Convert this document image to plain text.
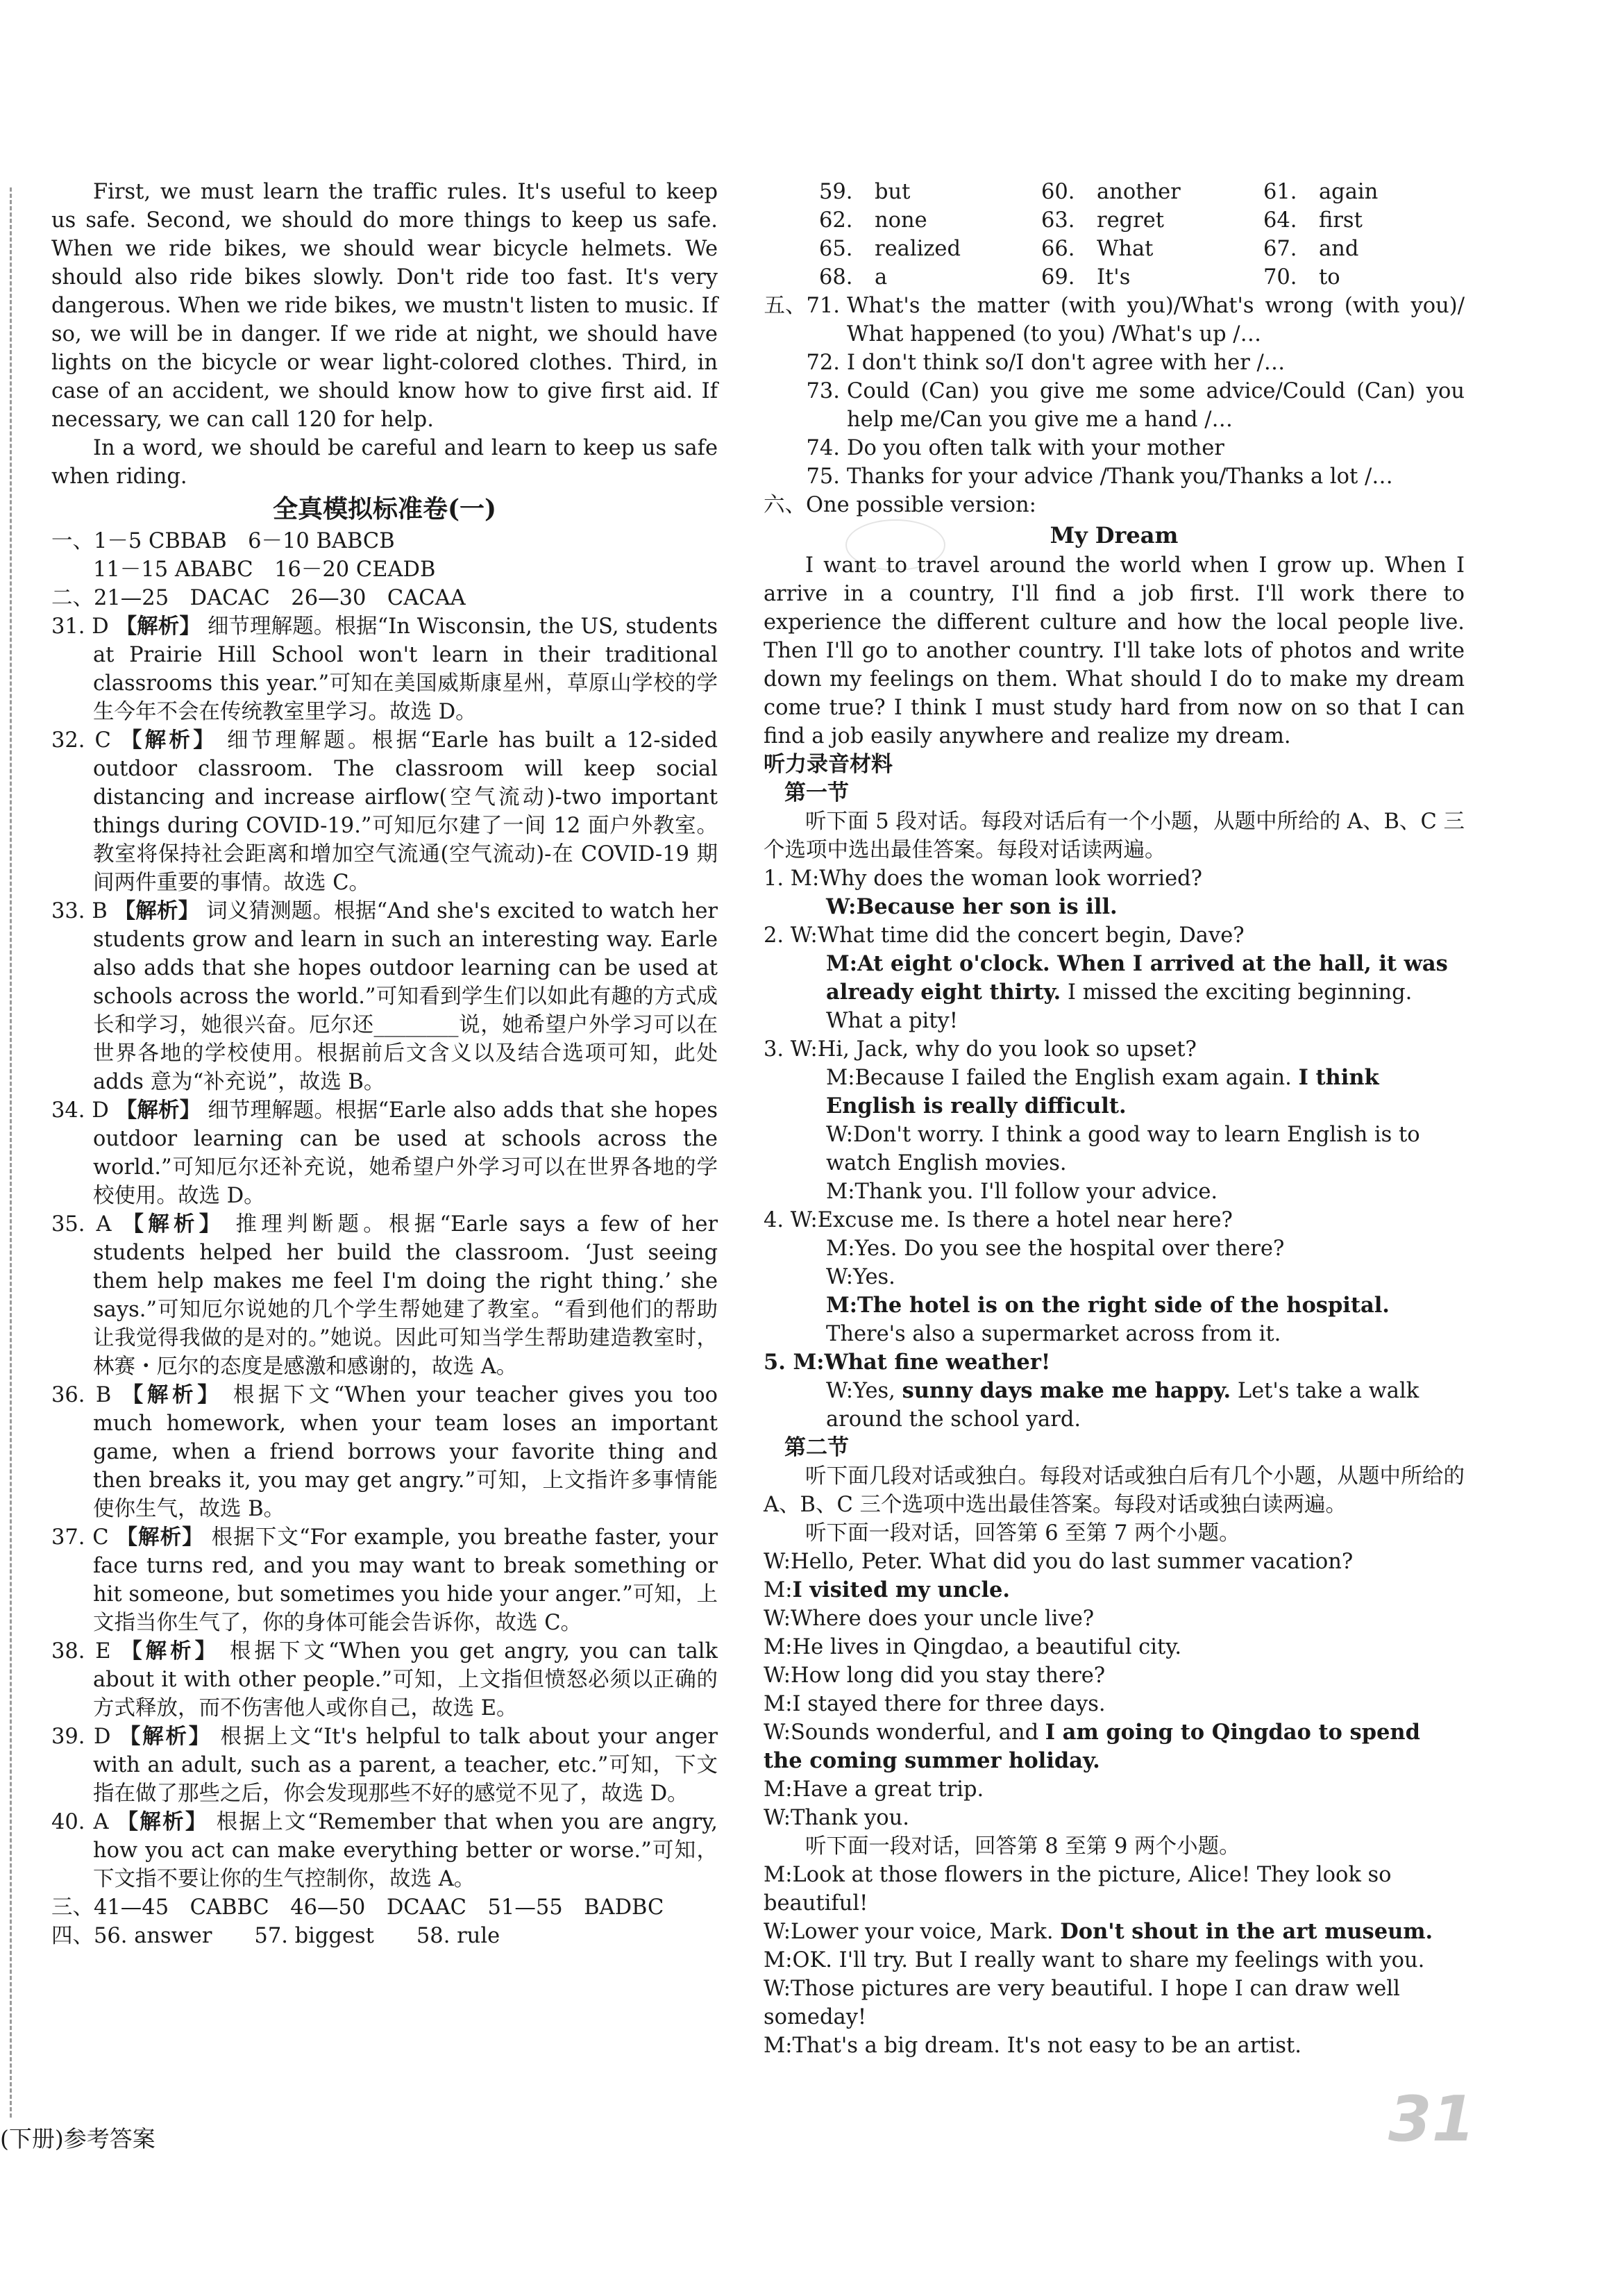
First, we must learn the traffic rules. It's useful to keep us safe. Second, we should do more things to keep us safe. When we ride bikes, we should wear bicycle helmets. We should also ride bikes slowly. Don't ride too fast. It's very dangerous. When we ride bikes, we mustn't listen to music. If so, we will be in danger. If we ride at night, we should have lights on the bicycle or wear light-colored clothes. Third, in case of an accident, we should know how to give first aid. If necessary, we can call 120 for help.

In a word, we should be careful and learn to keep us safe when riding.

全真模拟标准卷(一)
一、1－5 CBBAB　6－10 BABCB
11－15 ABABC　16－20 CEADB
二、21—25　DACAC　26—30　CACAA

31. D 【解析】 细节理解题。根据“In Wisconsin, the US, students at Prairie Hill School won't learn in their traditional classrooms this year.”可知在美国威斯康星州，草原山学校的学生今年不会在传统教室里学习。故选 D。

32. C 【解析】 细节理解题。根据“Earle has built a 12-sided outdoor classroom. The classroom will keep social distancing and increase airflow(空气流动)-two important things during COVID-19.”可知厄尔建了一间 12 面户外教室。教室将保持社会距离和增加空气流通(空气流动)-在 COVID-19 期间两件重要的事情。故选 C。

33. B 【解析】 词义猜测题。根据“And she's excited to watch her students grow and learn in such an interesting way. Earle also adds that she hopes outdoor learning can be used at schools across the world.”可知看到学生们以如此有趣的方式成长和学习，她很兴奋。厄尔还________说，她希望户外学习可以在世界各地的学校使用。根据前后文含义以及结合选项可知，此处 adds 意为“补充说”，故选 B。

34. D 【解析】 细节理解题。根据“Earle also adds that she hopes outdoor learning can be used at schools across the world.”可知厄尔还补充说，她希望户外学习可以在世界各地的学校使用。故选 D。

35. A 【解析】 推理判断题。根据“Earle says a few of her students helped her build the classroom. ‘Just seeing them help makes me feel I'm doing the right thing.’ she says.”可知厄尔说她的几个学生帮她建了教室。“看到他们的帮助让我觉得我做的是对的。”她说。因此可知当学生帮助建造教室时，林赛・厄尔的态度是感激和感谢的，故选 A。

36. B 【解析】 根据下文“When your teacher gives you too much homework, when your team loses an important game, when a friend borrows your favorite thing and then breaks it, you may get angry.”可知，上文指许多事情能使你生气，故选 B。

37. C 【解析】 根据下文“For example, you breathe faster, your face turns red, and you may want to break something or hit someone, but sometimes you hide your anger.”可知，上文指当你生气了，你的身体可能会告诉你，故选 C。

38. E 【解析】 根据下文“When you get angry, you can talk about it with other people.”可知，上文指但愤怒必须以正确的方式释放，而不伤害他人或你自己，故选 E。

39. D 【解析】 根据上文“It's helpful to talk about your anger with an adult, such as a parent, a teacher, etc.”可知，下文指在做了那些之后，你会发现那些不好的感觉不见了，故选 D。

40. A 【解析】 根据上文“Remember that when you are angry, how you act can make everything better or worse.”可知，下文指不要让你的生气控制你，故选 A。

三、41—45　CABBC　46—50　DCAAC　51—55　BADBC
四、56. answer　　57. biggest　　58. rule
59.	but	60.	another	61.	again
62.	none	63.	regret	64.	first
65.	realized	66.	What	67.	and
68.	a	69.	It's	70.	to
五、71. What's the matter (with you)/What's wrong (with you)/ What happened (to you) /What's up /…
72. I don't think so/I don't agree with her /…
73. Could (Can) you give me some advice/Could (Can) you help me/Can you give me a hand /…
74. Do you often talk with your mother
75. Thanks for your advice /Thank you/Thanks a lot /…
六、One possible version:
My Dream

I want to travel around the world when I grow up. When I arrive in a country, I'll find a job first. I'll work there to experience the different culture and how the local people live. Then I'll go to another country. I'll take lots of photos and write down my feelings on them. What should I do to make my dream come true? I think I must study hard from now on so that I can find a job easily anywhere and realize my dream.

听力录音材料
第一节

听下面 5 段对话。每段对话后有一个小题，从题中所给的 A、B、C 三个选项中选出最佳答案。每段对话读两遍。

1. M:Why does the woman look worried?
W:Because her son is ill.
2. W:What time did the concert begin, Dave?
M:At eight o'clock. When I arrived at the hall, it was already eight thirty. I missed the exciting beginning. What a pity!
3. W:Hi, Jack, why do you look so upset?
M:Because I failed the English exam again. I think English is really difficult.
W:Don't worry. I think a good way to learn English is to watch English movies.
M:Thank you. I'll follow your advice.
4. W:Excuse me. Is there a hotel near here?
M:Yes. Do you see the hospital over there?
W:Yes.
M:The hotel is on the right side of the hospital. There's also a supermarket across from it.
5. M:What fine weather!
W:Yes, sunny days make me happy. Let's take a walk around the school yard.
第二节

听下面几段对话或独白。每段对话或独白后有几个小题，从题中所给的 A、B、C 三个选项中选出最佳答案。每段对话或独白读两遍。

听下面一段对话，回答第 6 至第 7 两个小题。

W:Hello, Peter. What did you do last summer vacation?
M:I visited my uncle.
W:Where does your uncle live?
M:He lives in Qingdao, a beautiful city.
W:How long did you stay there?
M:I stayed there for three days.
W:Sounds wonderful, and I am going to Qingdao to spend the coming summer holiday.
M:Have a great trip.
W:Thank you.

听下面一段对话，回答第 8 至第 9 两个小题。

M:Look at those flowers in the picture, Alice! They look so beautiful!
W:Lower your voice, Mark. Don't shout in the art museum.
M:OK. I'll try. But I really want to share my feelings with you.
W:Those pictures are very beautiful. I hope I can draw well someday!
M:That's a big dream. It's not easy to be an artist.
(下册)参考答案	31
